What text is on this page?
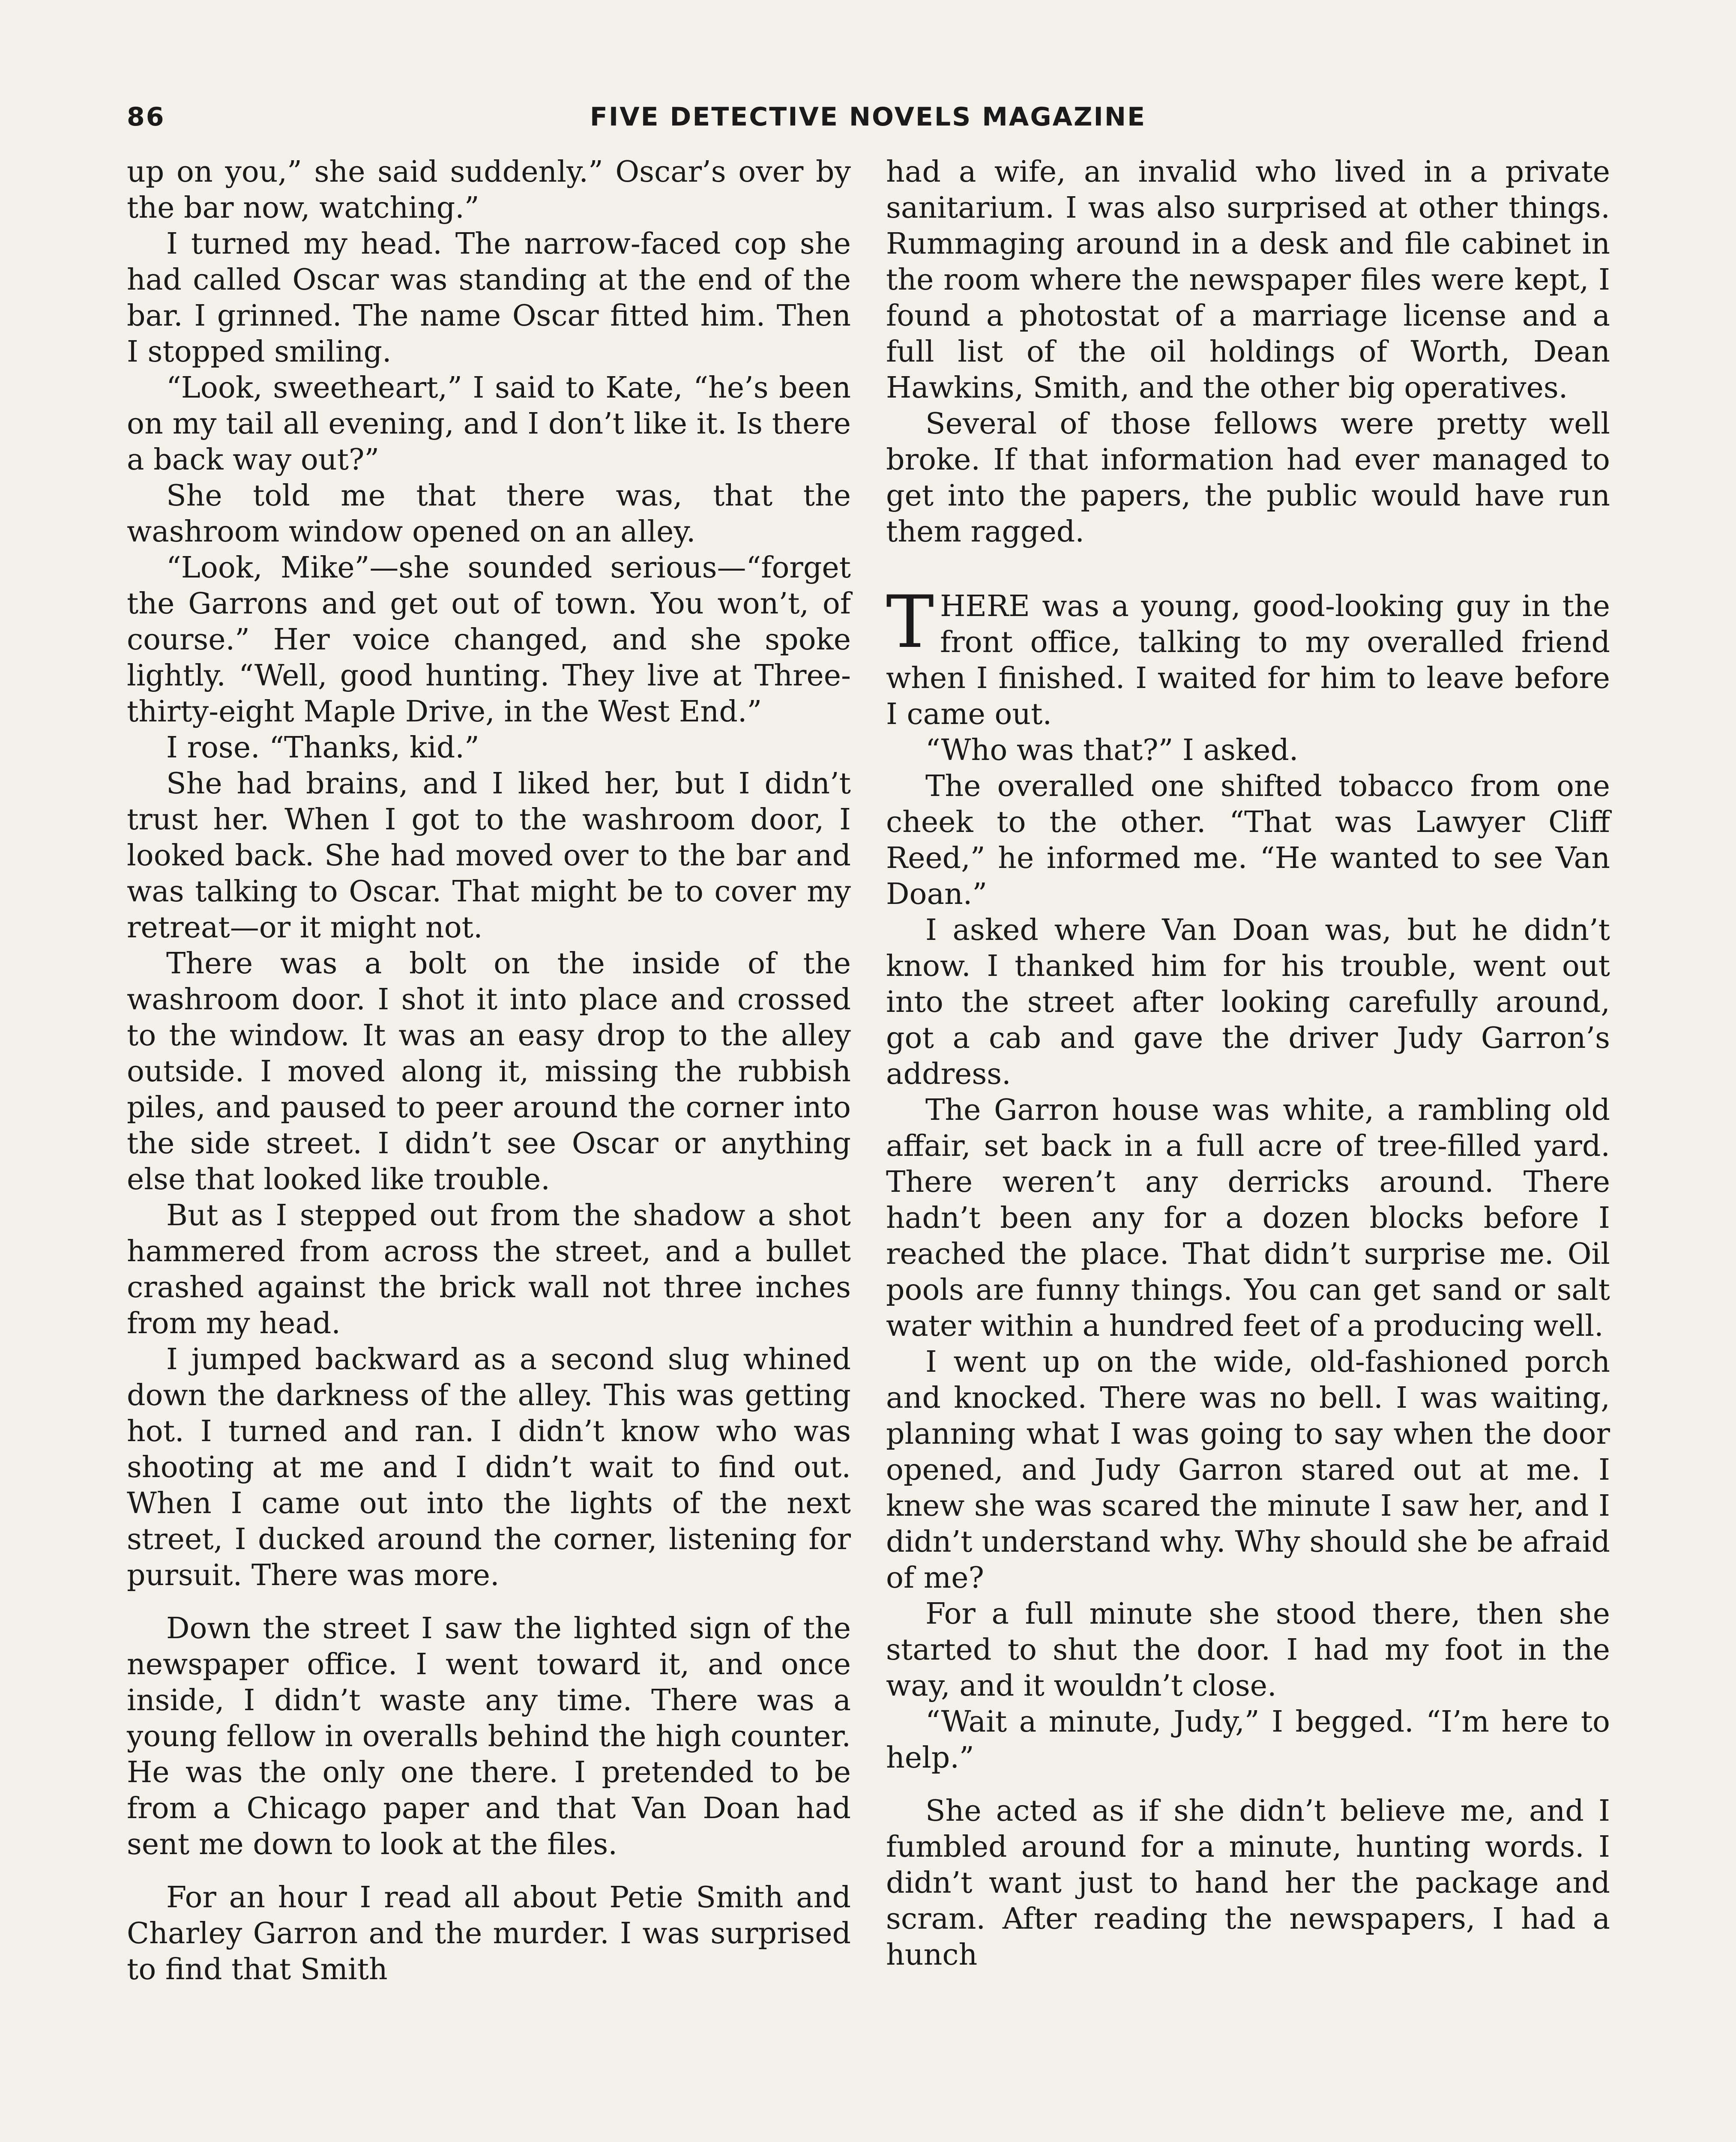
86	FIVE DETECTIVE NOVELS MAGAZINE

up on you,” she said suddenly.” Oscar’s over by the bar now, watching.”

I turned my head. The narrow-faced cop she had called Oscar was standing at the end of the bar. I grinned. The name Oscar fitted him. Then I stopped smiling.

“Look, sweetheart,” I said to Kate, “he’s been on my tail all evening, and I don’t like it. Is there a back way out?”

She told me that there was, that the washroom window opened on an alley.

“Look, Mike”—she sounded serious—“forget the Garrons and get out of town. You won’t, of course.” Her voice changed, and she spoke lightly. “Well, good hunting. They live at Three-thirty-eight Maple Drive, in the West End.”

I rose. “Thanks, kid.”

She had brains, and I liked her, but I didn’t trust her. When I got to the washroom door, I looked back. She had moved over to the bar and was talking to Oscar. That might be to cover my retreat—or it might not.

There was a bolt on the inside of the washroom door. I shot it into place and crossed to the window. It was an easy drop to the alley outside. I moved along it, missing the rubbish piles, and paused to peer around the corner into the side street. I didn’t see Oscar or anything else that looked like trouble.

But as I stepped out from the shadow a shot hammered from across the street, and a bullet crashed against the brick wall not three inches from my head.

I jumped backward as a second slug whined down the darkness of the alley. This was getting hot. I turned and ran. I didn’t know who was shooting at me and I didn’t wait to find out. When I came out into the lights of the next street, I ducked around the corner, listening for pursuit. There was more.

Down the street I saw the lighted sign of the newspaper office. I went toward it, and once inside, I didn’t waste any time. There was a young fellow in overalls behind the high counter. He was the only one there. I pretended to be from a Chicago paper and that Van Doan had sent me down to look at the files.

For an hour I read all about Petie Smith and Charley Garron and the murder. I was surprised to find that Smith

had a wife, an invalid who lived in a private sanitarium. I was also surprised at other things. Rummaging around in a desk and file cabinet in the room where the newspaper files were kept, I found a photostat of a marriage license and a full list of the oil holdings of Worth, Dean Hawkins, Smith, and the other big operatives.

Several of those fellows were pretty well broke. If that information had ever managed to get into the papers, the public would have run them ragged.

THERE was a young, good-looking guy in the front office, talking to my overalled friend when I finished. I waited for him to leave before I came out.

“Who was that?” I asked.

The overalled one shifted tobacco from one cheek to the other. “That was Lawyer Cliff Reed,” he informed me. “He wanted to see Van Doan.”

I asked where Van Doan was, but he didn’t know. I thanked him for his trouble, went out into the street after looking carefully around, got a cab and gave the driver Judy Garron’s address.

The Garron house was white, a rambling old affair, set back in a full acre of tree-filled yard. There weren’t any derricks around. There hadn’t been any for a dozen blocks before I reached the place. That didn’t surprise me. Oil pools are funny things. You can get sand or salt water within a hundred feet of a producing well.

I went up on the wide, old-fashioned porch and knocked. There was no bell. I was waiting, planning what I was going to say when the door opened, and Judy Garron stared out at me. I knew she was scared the minute I saw her, and I didn’t understand why. Why should she be afraid of me?

For a full minute she stood there, then she started to shut the door. I had my foot in the way, and it wouldn’t close.

“Wait a minute, Judy,” I begged. “I’m here to help.”

She acted as if she didn’t believe me, and I fumbled around for a minute, hunting words. I didn’t want just to hand her the package and scram. After reading the newspapers, I had a hunch
